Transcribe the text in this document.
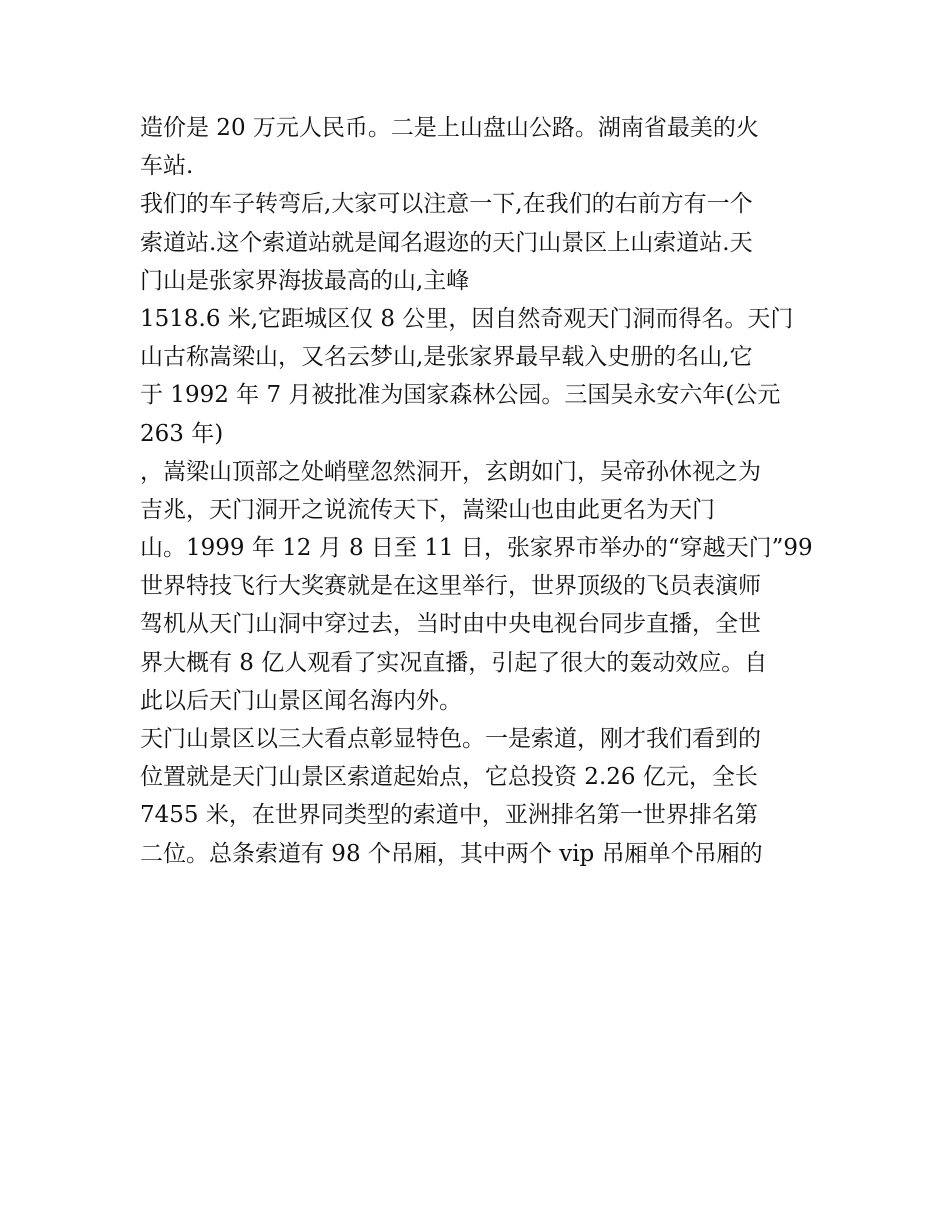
造价是 20 万元人民币。二是上山盘山公路。湖南省最美的火
车站.
我们的车子转弯后,大家可以注意一下,在我们的右前方有一个
索道站.这个索道站就是闻名遐迩的天门山景区上山索道站.天
门山是张家界海拔最高的山,主峰
1518.6 米,它距城区仅 8 公里，因自然奇观天门洞而得名。天门
山古称嵩梁山，又名云梦山,是张家界最早载入史册的名山,它
于 1992 年 7 月被批准为国家森林公园。三国吴永安六年(公元
263 年)
，嵩梁山顶部之处峭壁忽然洞开，玄朗如门，吴帝孙休视之为
吉兆，天门洞开之说流传天下，嵩梁山也由此更名为天门
山。1999 年 12 月 8 日至 11 日，张家界市举办的“穿越天门”99
世界特技飞行大奖赛就是在这里举行，世界顶级的飞员表演师
驾机从天门山洞中穿过去，当时由中央电视台同步直播，全世
界大概有 8 亿人观看了实况直播，引起了很大的轰动效应。自
此以后天门山景区闻名海内外。
天门山景区以三大看点彰显特色。一是索道，刚才我们看到的
位置就是天门山景区索道起始点，它总投资 2.26 亿元，全长
7455 米，在世界同类型的索道中，亚洲排名第一世界排名第
二位。总条索道有 98 个吊厢，其中两个 vip 吊厢单个吊厢的
